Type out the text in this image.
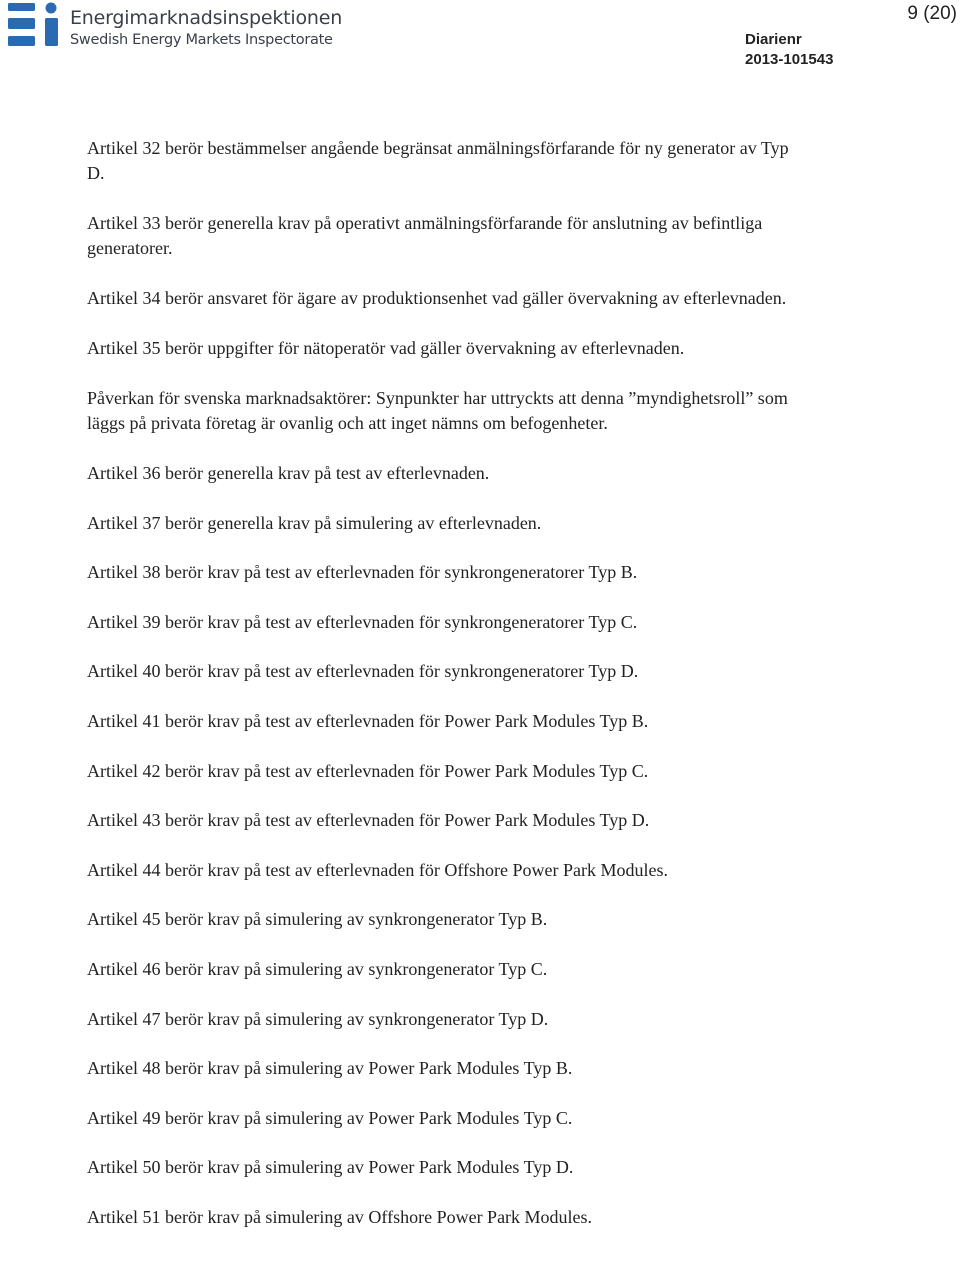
Energimarknadsinspektionen
Swedish Energy Markets Inspectorate
9 (20)
Diarienr
2013-101543

Artikel 32 berör bestämmelser angående begränsat anmälningsförfarande för ny generator av Typ D.

Artikel 33 berör generella krav på operativt anmälningsförfarande för anslutning av befintliga generatorer.

Artikel 34 berör ansvaret för ägare av produktionsenhet vad gäller övervakning av efterlevnaden.

Artikel 35 berör uppgifter för nätoperatör vad gäller övervakning av efterlevnaden.

Påverkan för svenska marknadsaktörer: Synpunkter har uttryckts att denna ”myndighetsroll” som läggs på privata företag är ovanlig och att inget nämns om befogenheter.

Artikel 36 berör generella krav på test av efterlevnaden.

Artikel 37 berör generella krav på simulering av efterlevnaden.

Artikel 38 berör krav på test av efterlevnaden för synkrongeneratorer Typ B.

Artikel 39 berör krav på test av efterlevnaden för synkrongeneratorer Typ C.

Artikel 40 berör krav på test av efterlevnaden för synkrongeneratorer Typ D.

Artikel 41 berör krav på test av efterlevnaden för Power Park Modules Typ B.

Artikel 42 berör krav på test av efterlevnaden för Power Park Modules Typ C.

Artikel 43 berör krav på test av efterlevnaden för Power Park Modules Typ D.

Artikel 44 berör krav på test av efterlevnaden för Offshore Power Park Modules.

Artikel 45 berör krav på simulering av synkrongenerator Typ B.

Artikel 46 berör krav på simulering av synkrongenerator Typ C.

Artikel 47 berör krav på simulering av synkrongenerator Typ D.

Artikel 48 berör krav på simulering av Power Park Modules Typ B.

Artikel 49 berör krav på simulering av Power Park Modules Typ C.

Artikel 50 berör krav på simulering av Power Park Modules Typ D.

Artikel 51 berör krav på simulering av Offshore Power Park Modules.
